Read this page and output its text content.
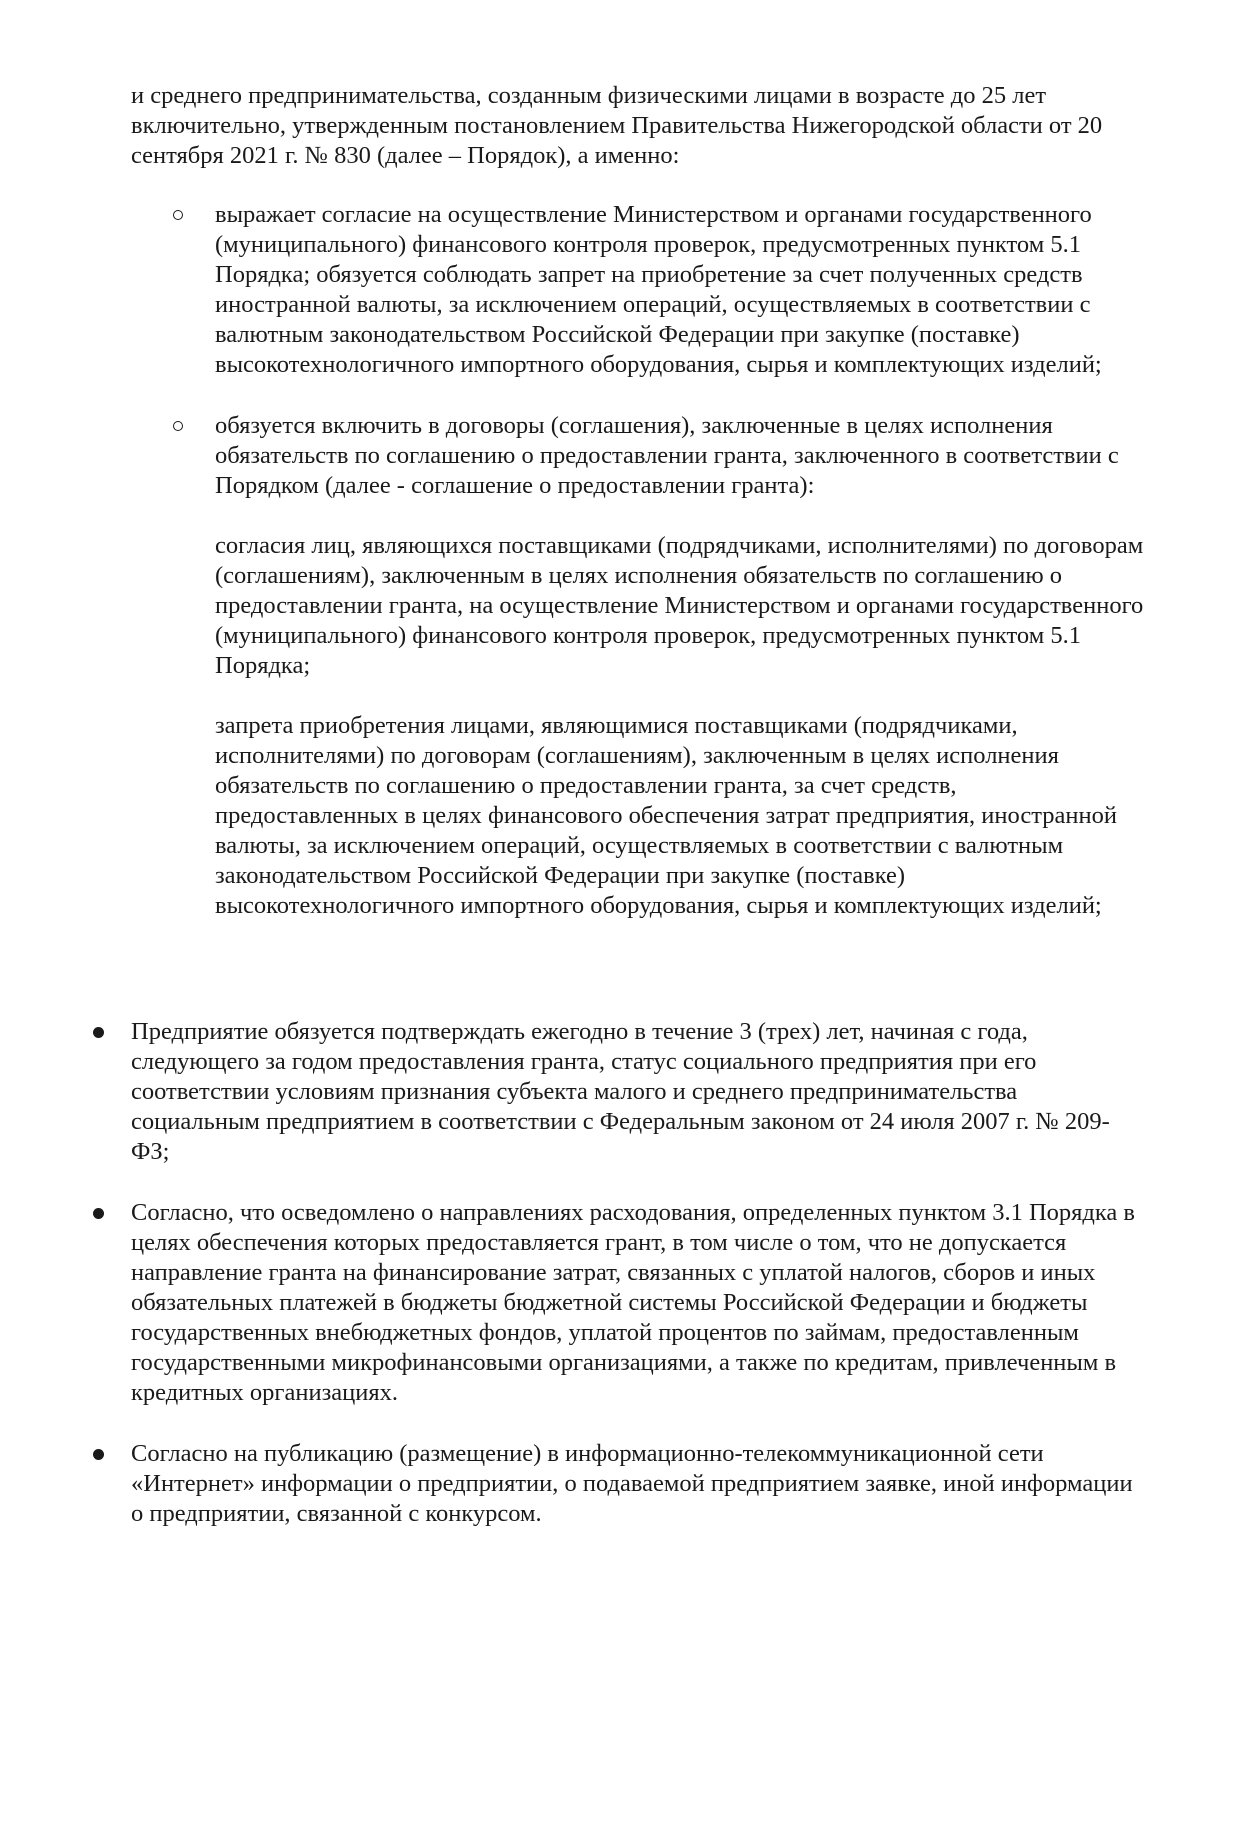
и среднего предпринимательства, созданным физическими лицами в возрасте до 25 лет включительно, утвержденным постановлением Правительства Нижегородской области от 20 сентября 2021 г. № 830 (далее – Порядок), а именно:

выражает согласие на осуществление Министерством и органами государственного (муниципального) финансового контроля проверок, предусмотренных пунктом 5.1 Порядка; обязуется соблюдать запрет на приобретение за счет полученных средств иностранной валюты, за исключением операций, осуществляемых в соответствии с валютным законодательством Российской Федерации при закупке (поставке) высокотехнологичного импортного оборудования, сырья и комплектующих изделий;

обязуется включить в договоры (соглашения), заключенные в целях исполнения обязательств по соглашению о предоставлении гранта, заключенного в соответствии с Порядком (далее - соглашение о предоставлении гранта):

согласия лиц, являющихся поставщиками (подрядчиками, исполнителями) по договорам (соглашениям), заключенным в целях исполнения обязательств по соглашению о предоставлении гранта, на осуществление Министерством и органами государственного (муниципального) финансового контроля проверок, предусмотренных пунктом 5.1 Порядка;

запрета приобретения лицами, являющимися поставщиками (подрядчиками, исполнителями) по договорам (соглашениям), заключенным в целях исполнения обязательств по соглашению о предоставлении гранта, за счет средств, предоставленных в целях финансового обеспечения затрат предприятия, иностранной валюты, за исключением операций, осуществляемых в соответствии с валютным законодательством Российской Федерации при закупке (поставке) высокотехнологичного импортного оборудования, сырья и комплектующих изделий;

Предприятие обязуется подтверждать ежегодно в течение 3 (трех) лет, начиная с года, следующего за годом предоставления гранта, статус социального предприятия при его соответствии условиям признания субъекта малого и среднего предпринимательства социальным предприятием в соответствии с Федеральным законом от 24 июля 2007 г. № 209-ФЗ;

Согласно, что осведомлено о направлениях расходования, определенных пунктом 3.1 Порядка в целях обеспечения которых предоставляется грант, в том числе о том, что не допускается направление гранта на финансирование затрат, связанных с уплатой налогов, сборов и иных обязательных платежей в бюджеты бюджетной системы Российской Федерации и бюджеты государственных внебюджетных фондов, уплатой процентов по займам, предоставленным государственными микрофинансовыми организациями, а также по кредитам, привлеченным в кредитных организациях.

Согласно на публикацию (размещение) в информационно-телекоммуникационной сети «Интернет» информации о предприятии, о подаваемой предприятием заявке, иной информации о предприятии, связанной с конкурсом.
